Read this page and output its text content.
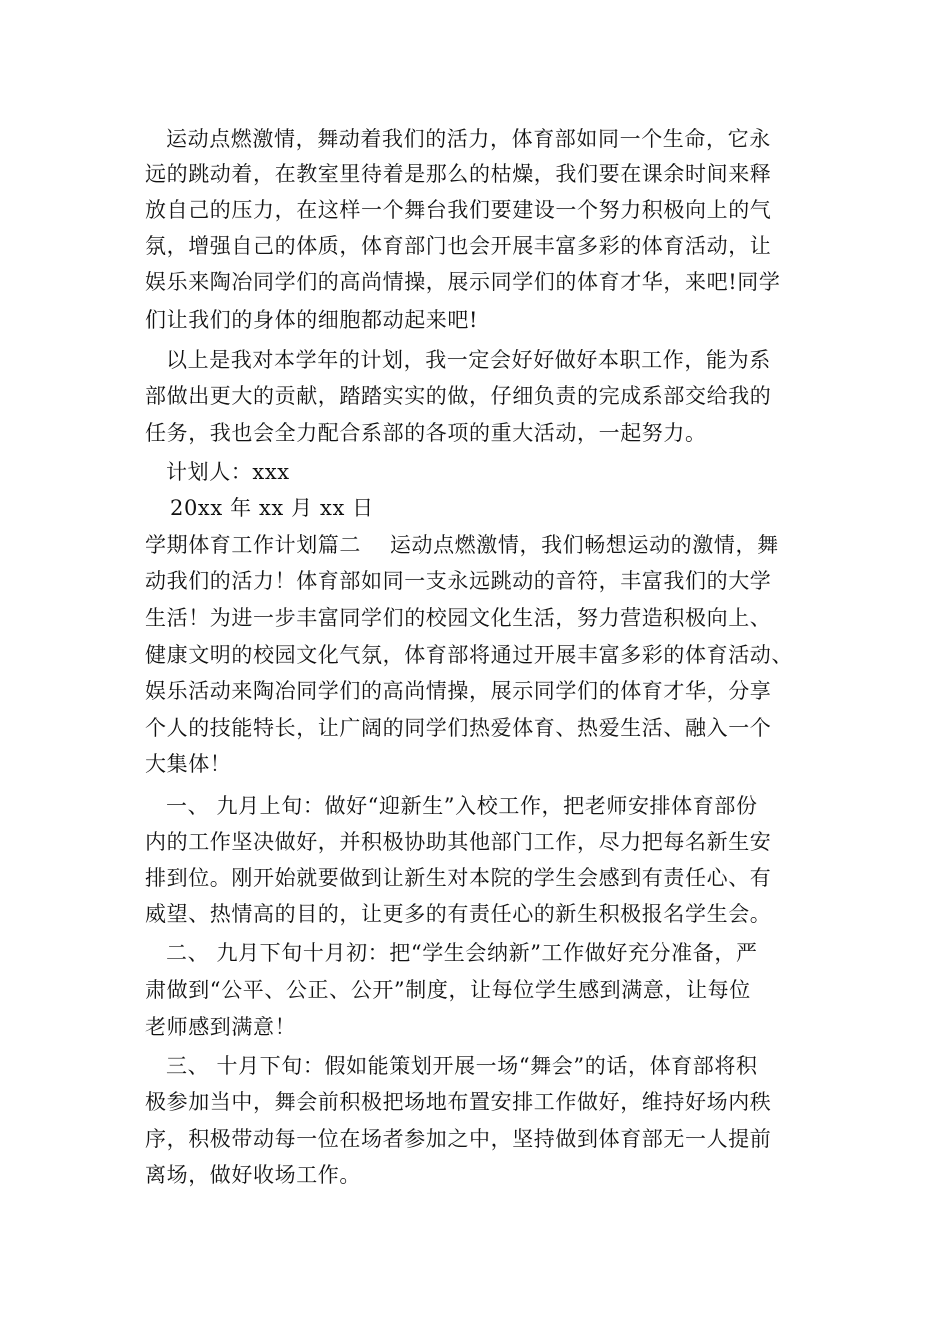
运动点燃激情，舞动着我们的活力，体育部如同一个生命，它永
远的跳动着，在教室里待着是那么的枯燥，我们要在课余时间来释
放自己的压力，在这样一个舞台我们要建设一个努力积极向上的气
氛，增强自己的体质，体育部门也会开展丰富多彩的体育活动，让
娱乐来陶冶同学们的高尚情操，展示同学们的体育才华，来吧!同学
们让我们的身体的细胞都动起来吧!
以上是我对本学年的计划，我一定会好好做好本职工作，能为系
部做出更大的贡献，踏踏实实的做，仔细负责的完成系部交给我的
任务，我也会全力配合系部的各项的重大活动，一起努力。
计划人：xxx
20xx 年 xx 月 xx 日
学期体育工作计划篇二　 运动点燃激情，我们畅想运动的激情，舞
动我们的活力！体育部如同一支永远跳动的音符，丰富我们的大学
生活！为进一步丰富同学们的校园文化生活，努力营造积极向上、
健康文明的校园文化气氛，体育部将通过开展丰富多彩的体育活动、
娱乐活动来陶冶同学们的高尚情操，展示同学们的体育才华，分享
个人的技能特长，让广阔的同学们热爱体育、热爱生活、融入一个
大集体！
一、 九月上旬：做好“迎新生”入校工作，把老师安排体育部份
内的工作坚决做好，并积极协助其他部门工作，尽力把每名新生安
排到位。刚开始就要做到让新生对本院的学生会感到有责任心、有
威望、热情高的目的，让更多的有责任心的新生积极报名学生会。
二、 九月下旬十月初：把“学生会纳新”工作做好充分准备，严
肃做到“公平、公正、公开”制度，让每位学生感到满意，让每位
老师感到满意！
三、 十月下旬：假如能策划开展一场“舞会”的话，体育部将积
极参加当中，舞会前积极把场地布置安排工作做好，维持好场内秩
序，积极带动每一位在场者参加之中，坚持做到体育部无一人提前
离场，做好收场工作。
